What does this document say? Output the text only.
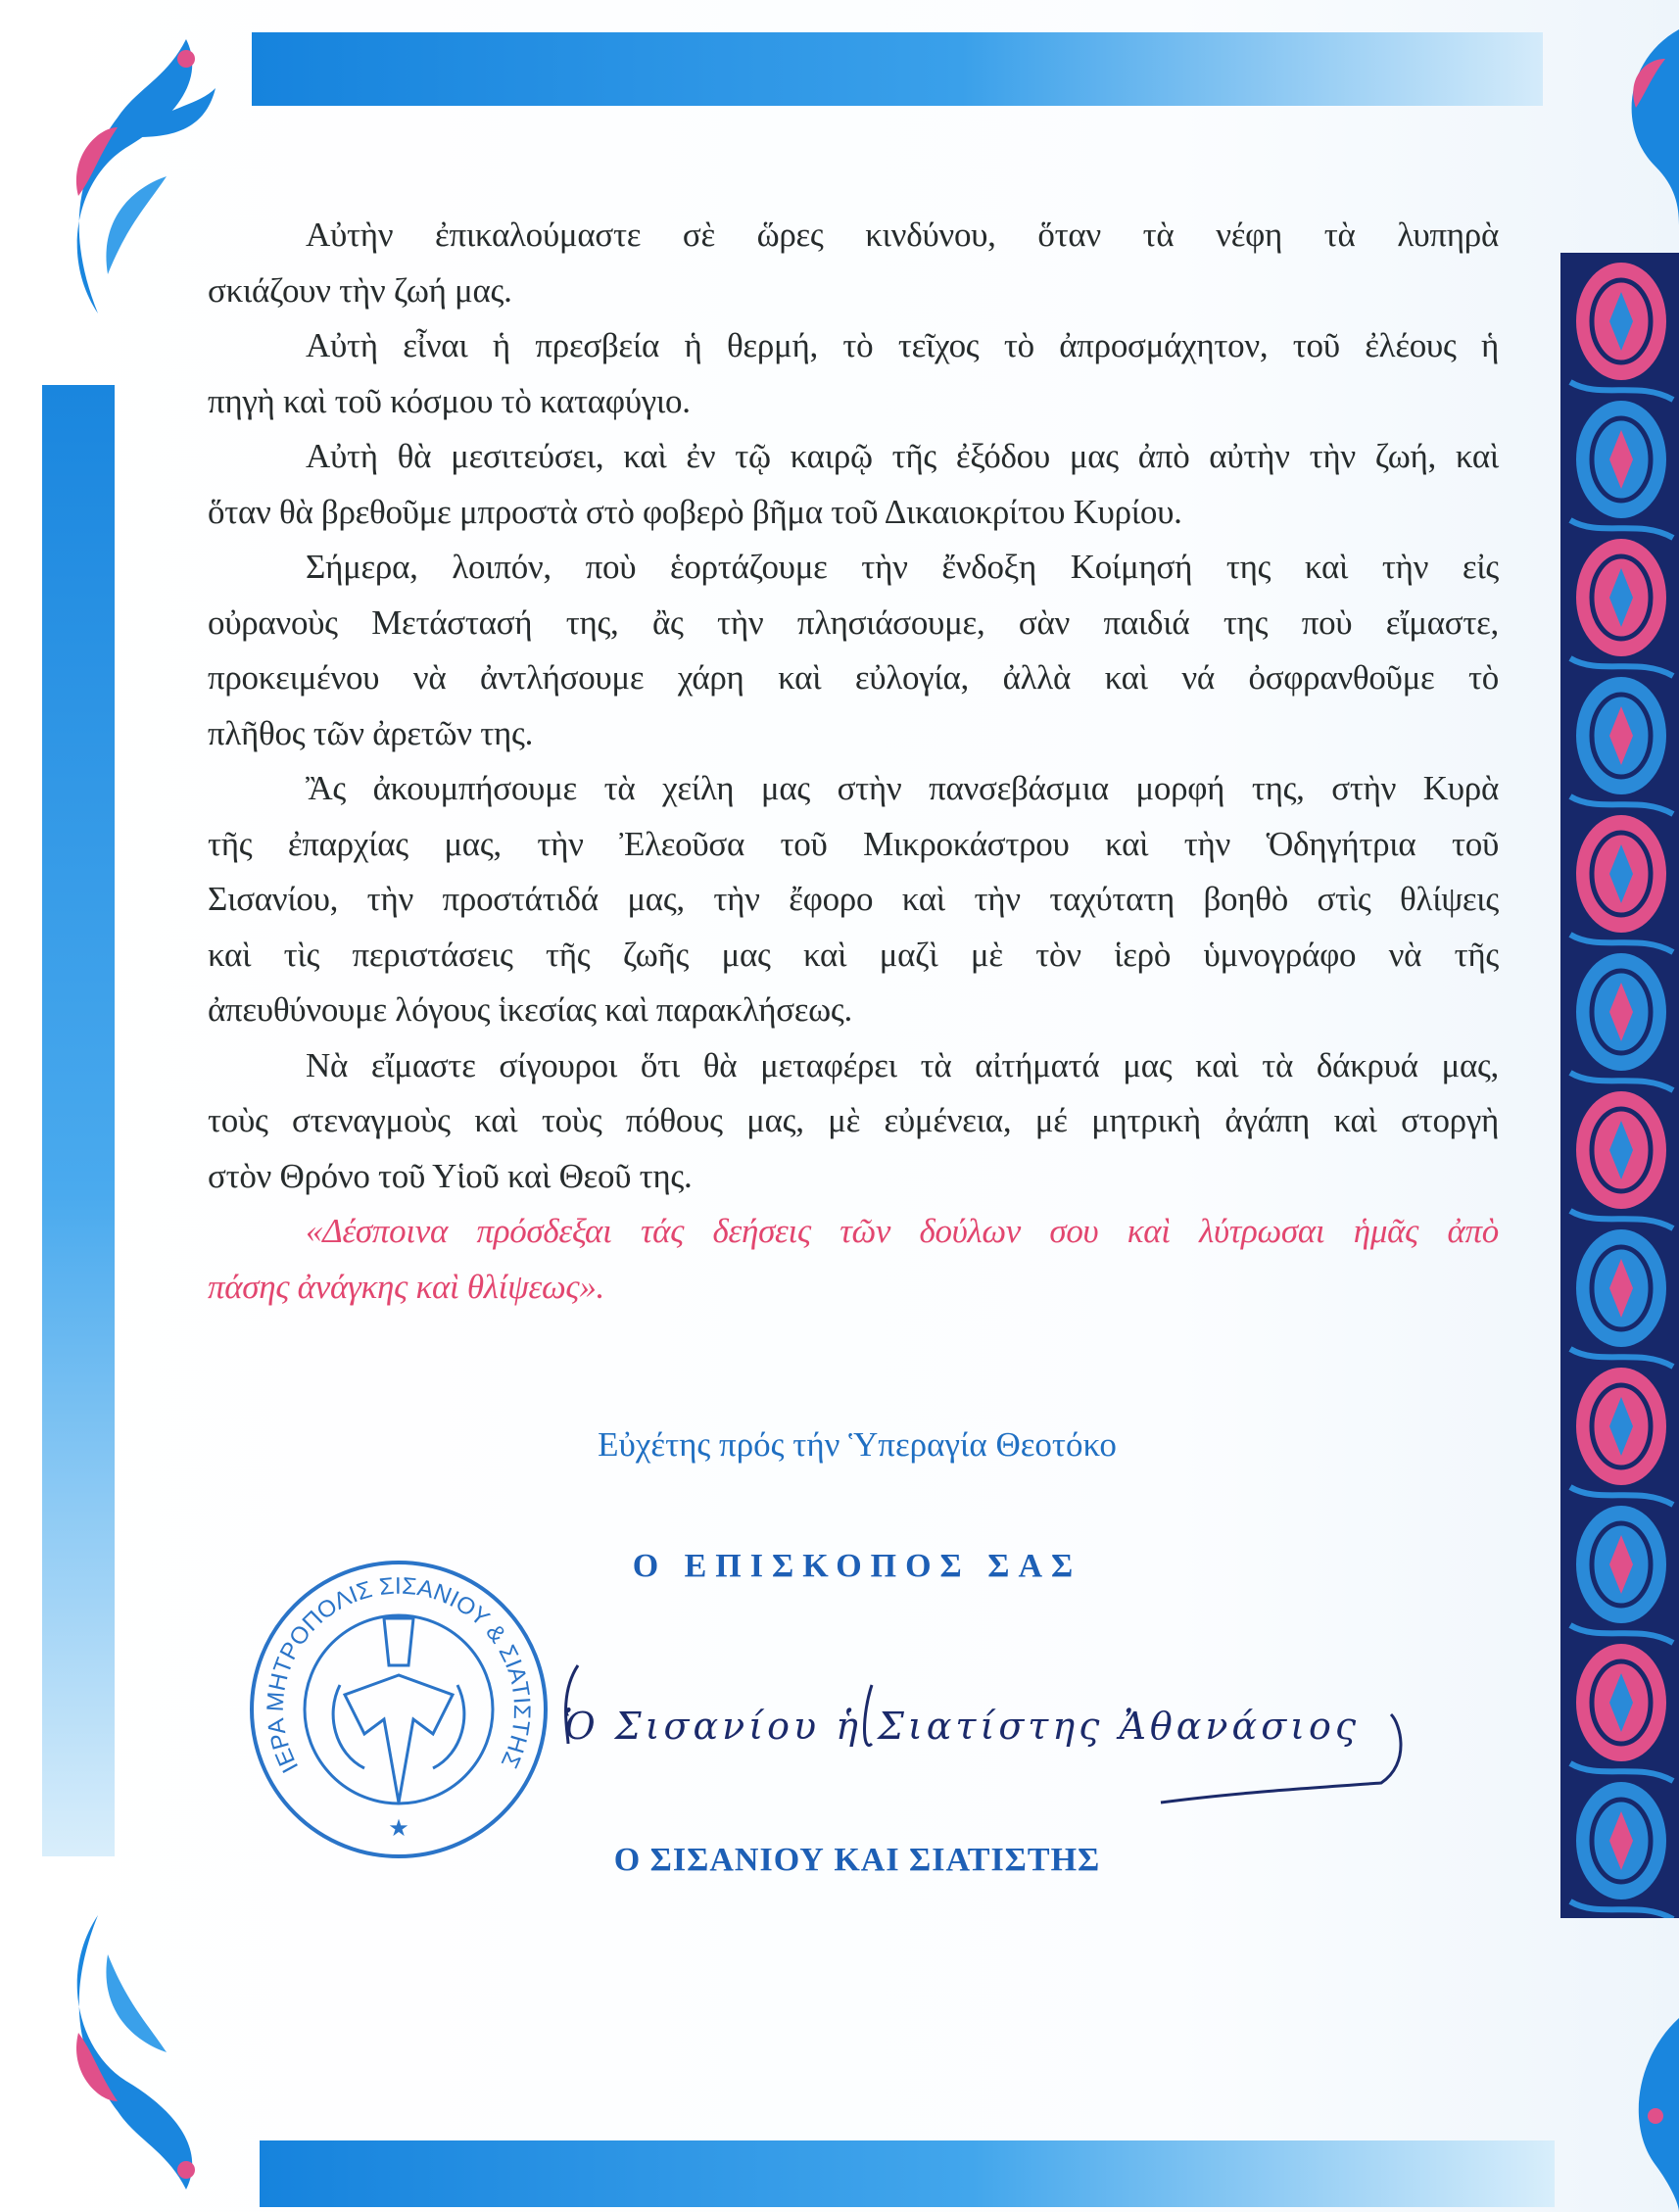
Αὐτὴν ἐπικαλούμαστε σὲ ὥρες κινδύνου, ὅταν τὰ νέφη τὰ λυπηρὰ
σκιάζουν τὴν ζωή μας.
Αὐτὴ εἶναι ἡ πρεσβεία ἡ θερμή, τὸ τεῖχος τὸ ἀπροσμάχητον, τοῦ ἐλέους ἡ
πηγὴ καὶ τοῦ κόσμου τὸ καταφύγιο.
Αὐτὴ θὰ μεσιτεύσει, καὶ ἐν τῷ καιρῷ τῆς ἐξόδου μας ἀπὸ αὐτὴν τὴν ζωή, καὶ
ὅταν θὰ βρεθοῦμε μπροστὰ στὸ φοβερὸ βῆμα τοῦ Δικαιοκρίτου Κυρίου.
Σήμερα, λοιπόν, ποὺ ἑορτάζουμε τὴν ἔνδοξη Κοίμησή της καὶ τὴν εἰς
οὐρανοὺς Μετάστασή της, ἂς τὴν πλησιάσουμε, σὰν παιδιά της ποὺ εἴμαστε,
προκειμένου νὰ ἀντλήσουμε χάρη καὶ εὐλογία, ἀλλὰ καὶ νά ὀσφρανθοῦμε τὸ
πλῆθος τῶν ἀρετῶν της.
Ἂς ἀκουμπήσουμε τὰ χείλη μας στὴν πανσεβάσμια μορφή της, στὴν Κυρὰ
τῆς ἐπαρχίας μας, τὴν Ἐλεοῦσα τοῦ Μικροκάστρου καὶ τὴν Ὁδηγήτρια τοῦ
Σισανίου, τὴν προστάτιδά μας, τὴν ἔφορο καὶ τὴν ταχύτατη βοηθὸ στὶς θλίψεις
καὶ τὶς περιστάσεις τῆς ζωῆς μας καὶ μαζὶ μὲ τὸν ἱερὸ ὑμνογράφο νὰ τῆς
ἀπευθύνουμε λόγους ἱκεσίας καὶ παρακλήσεως.
Νὰ εἴμαστε σίγουροι ὅτι θὰ μεταφέρει τὰ αἰτήματά μας καὶ τὰ δάκρυά μας,
τοὺς στεναγμοὺς καὶ τοὺς πόθους μας, μὲ εὐμένεια, μέ μητρικὴ ἀγάπη καὶ στοργὴ
στὸν Θρόνο τοῦ Υἱοῦ καὶ Θεοῦ της.
«Δέσποινα πρόσδεξαι τάς δεήσεις τῶν δούλων σου καὶ λύτρωσαι ἡμᾶς ἀπὸ
πάσης ἀνάγκης καὶ θλίψεως».
Εὐχέτης πρός τήν Ὑπεραγία Θεοτόκο
Ο ΕΠΙΣΚΟΠΟΣ ΣΑΣ
Ο ΣΙΣΑΝΙΟΥ ΚΑΙ ΣΙΑΤΙΣΤΗΣ
ΙΕΡΑ ΜΗΤΡΟΠΟΛΙΣ ΣΙΣΑΝΙΟΥ & ΣΙΑΤΙΣΤΗΣ
★
Ὁ Σισανίου ἡ Σιατίστης Ἀθανάσιος
